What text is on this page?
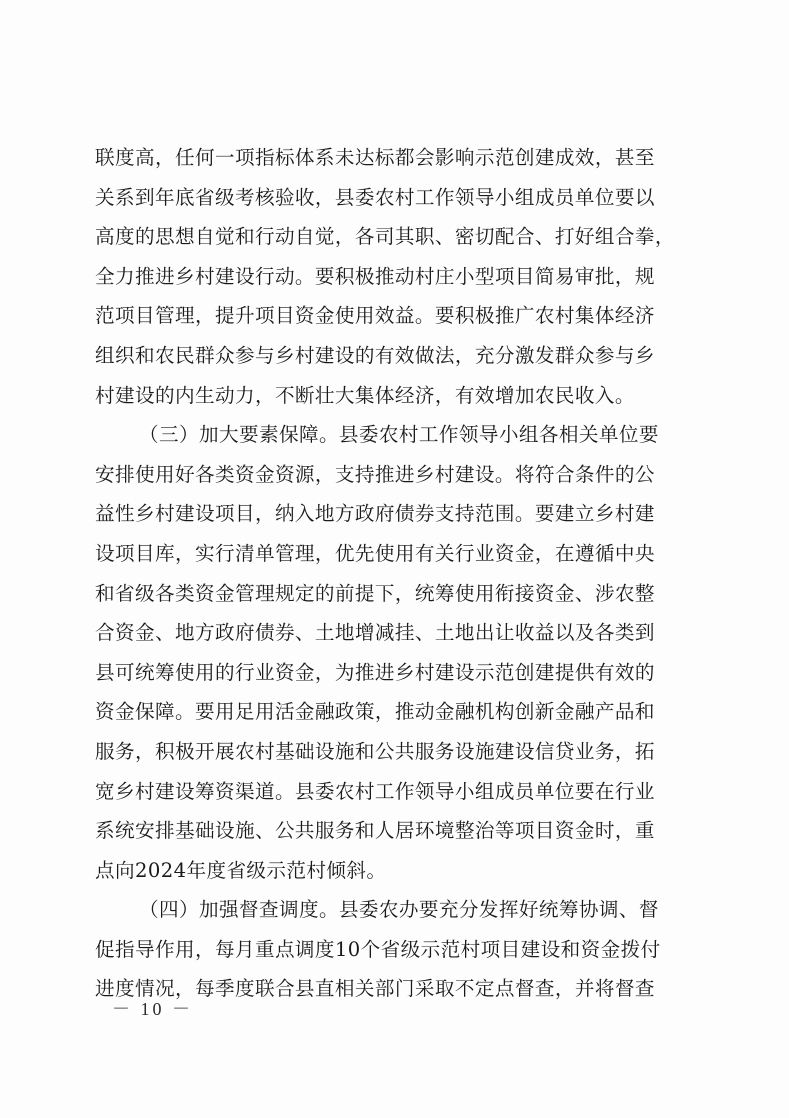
联度高，任何一项指标体系未达标都会影响示范创建成效，甚至
关系到年底省级考核验收，县委农村工作领导小组成员单位要以
高度的思想自觉和行动自觉，各司其职、密切配合、打好组合拳，
全力推进乡村建设行动。要积极推动村庄小型项目简易审批，规
范项目管理，提升项目资金使用效益。要积极推广农村集体经济
组织和农民群众参与乡村建设的有效做法，充分激发群众参与乡
村建设的内生动力，不断壮大集体经济，有效增加农民收入。
（三）加大要素保障。县委农村工作领导小组各相关单位要
安排使用好各类资金资源，支持推进乡村建设。将符合条件的公
益性乡村建设项目，纳入地方政府债券支持范围。要建立乡村建
设项目库，实行清单管理，优先使用有关行业资金，在遵循中央
和省级各类资金管理规定的前提下，统筹使用衔接资金、涉农整
合资金、地方政府债券、土地增减挂、土地出让收益以及各类到
县可统筹使用的行业资金，为推进乡村建设示范创建提供有效的
资金保障。要用足用活金融政策，推动金融机构创新金融产品和
服务，积极开展农村基础设施和公共服务设施建设信贷业务，拓
宽乡村建设筹资渠道。县委农村工作领导小组成员单位要在行业
系统安排基础设施、公共服务和人居环境整治等项目资金时，重
点向2024年度省级示范村倾斜。
（四）加强督查调度。县委农办要充分发挥好统筹协调、督
促指导作用，每月重点调度10个省级示范村项目建设和资金拨付
进度情况，每季度联合县直相关部门采取不定点督查，并将督查
－ 10 －
